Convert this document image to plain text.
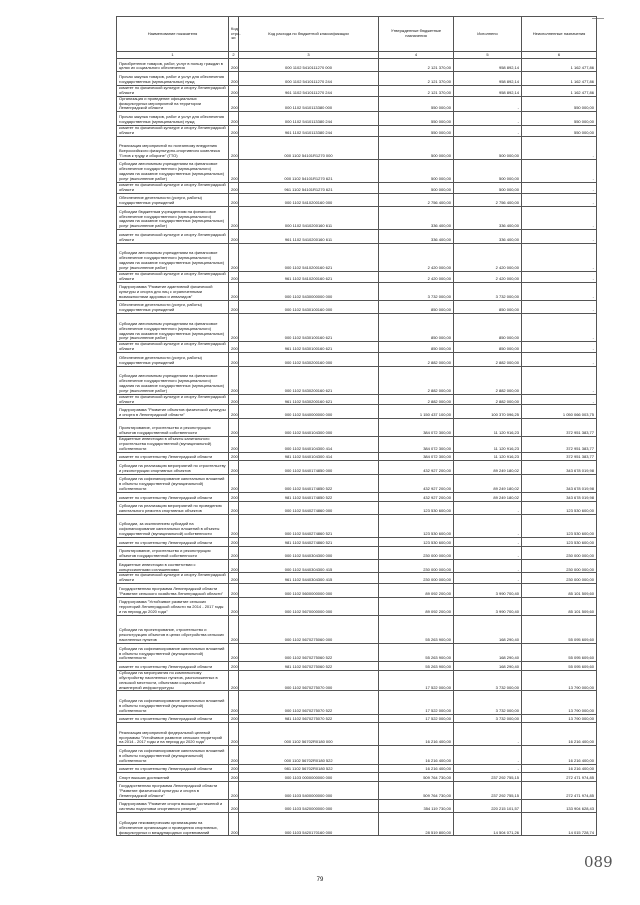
Наименование показателя	Код стро-ки	Код расхода по бюджетной классификации	Утвержденные бюджетные назначения	Исполнено	Неисполненные назначения
1	2	3	4	5	6
Приобретение товаров, работ, услуг в пользу граждан в целях их социального обеспечения	200	000 1102 5410111270 000	2 121 370,00	958 892,14	1 162 477,86
Прочая закупка товаров, работ и услуг для обеспечения государственных (муниципальных) нужд	200	000 1102 5410111270 244	2 121 370,00	958 892,14	1 162 477,86
комитет по физической культуре и спорту Ленинградской области	200	961 1102 5410111270 244	2 121 370,00	958 892,14	1 162 477,86
Организация и проведение официальных физкультурных мероприятий на территории Ленинградской области	200	000 1102 5410113380 000	550 000,00	-	550 000,00
Прочая закупка товаров, работ и услуг для обеспечения государственных (муниципальных) нужд	200	000 1102 5410113380 244	550 000,00	-	550 000,00
комитет по физической культуре и спорту Ленинградской области	200	961 1102 5410113380 244	550 000,00	-	550 000,00
Реализация мероприятий по поэтапному внедрению Всероссийского физкультурно-спортивного комплекса "Готов к труду и обороне" (ГТО)	200	000 1102 54101R1270 000	500 000,00	500 000,00	-
Субсидии автономным учреждениям на финансовое обеспечение государственного (муниципального) задания на оказание государственных (муниципальных) услуг (выполнение работ)	200	000 1102 54101R1270 621	500 000,00	500 000,00	-
комитет по физической культуре и спорту Ленинградской области	200	961 1102 54101R1270 621	500 000,00	500 000,00	-
Обеспечение деятельности (услуги, работы) государственных учреждений	200	000 1102 5410200160 000	2 756 400,00	2 756 400,00	-
Субсидии бюджетным учреждениям на финансовое обеспечение государственного (муниципального) задания на оказание государственных (муниципальных) услуг (выполнение работ)	200	000 1102 5410200160 611	336 400,00	336 400,00	-
комитет по физической культуре и спорту Ленинградской области	200	961 1102 5410200160 611	336 400,00	336 400,00	-
Субсидии автономным учреждениям на финансовое обеспечение государственного (муниципального) задания на оказание государственных (муниципальных) услуг (выполнение работ)	200	000 1102 5410200160 621	2 420 000,00	2 420 000,00	-
комитет по физической культуре и спорту Ленинградской области	200	961 1102 5410200160 621	2 420 000,00	2 420 000,00	-
Подпрограмма "Развитие адаптивной физической культуры и спорта для лиц с ограниченными возможностями здоровья и инвалидов"	200	000 1102 5430000000 000	3 732 000,00	3 732 000,00	-
Обеспечение деятельности (услуги, работы) государственных учреждений	200	000 1102 5430100160 000	850 000,00	850 000,00	-
Субсидии автономным учреждениям на финансовое обеспечение государственного (муниципального) задания на оказание государственных (муниципальных) услуг (выполнение работ)	200	000 1102 5430100160 621	850 000,00	850 000,00	-
комитет по физической культуре и спорту Ленинградской области	200	961 1102 5430100160 621	850 000,00	850 000,00	-
Обеспечение деятельности (услуги, работы) государственных учреждений	200	000 1102 5430200160 000	2 882 000,00	2 882 000,00	-
Субсидии автономным учреждениям на финансовое обеспечение государственного (муниципального) задания на оказание государственных (муниципальных) услуг (выполнение работ)	200	000 1102 5430200160 621	2 882 000,00	2 882 000,00	-
комитет по физической культуре и спорту Ленинградской области	200	961 1102 5430200160 621	2 882 000,00	2 882 000,00	-
Подпрограмма "Развитие объектов физической культуры и спорта в Ленинградской области"	200	000 1102 5440000000 000	1 150 437 100,00	100 370 096,25	1 050 066 003,75
Проектирование, строительство и реконструкция объектов государственной собственности	200	000 1102 5440104300 000	384 072 300,00	11 120 916,23	372 951 383,77
Бюджетные инвестиции в объекты капитального строительства государственной (муниципальной) собственности	200	000 1102 5440104300 414	384 072 300,00	11 120 916,23	372 951 383,77
комитет по строительству Ленинградской области	200	981 1102 5440104300 414	384 072 300,00	11 120 916,23	372 951 383,77
Субсидии на реализацию мероприятий по строительству и реконструкции спортивных объектов	200	000 1102 5440174850 000	432 927 200,00	89 249 180,02	343 678 019,98
Субсидии на софинансирование капитальных вложений в объекты государственной (муниципальной) собственности	200	000 1102 5440174850 522	432 927 200,00	89 249 180,02	343 678 019,98
комитет по строительству Ленинградской области	200	981 1102 5440174850 522	432 927 200,00	89 249 180,02	343 678 019,98
Субсидии на реализацию мероприятий по проведению капитального ремонта спортивных объектов	200	000 1102 5440274860 000	123 530 600,00	-	123 530 600,00
Субсидии, за исключением субсидий на софинансирование капитальных вложений в объекты государственной (муниципальной) собственности	200	000 1102 5440274860 521	123 530 600,00	-	123 530 600,00
комитет по строительству Ленинградской области	200	981 1102 5440274860 521	123 530 600,00	-	123 530 600,00
Проектирование, строительство и реконструкция объектов государственной собственности	200	000 1102 5440304300 000	230 000 000,00	-	230 000 000,00
Бюджетные инвестиции в соответствии с концессионными соглашениями	200	000 1102 5440304300 415	230 000 000,00	-	230 000 000,00
комитет по физической культуре и спорту Ленинградской области	200	961 1102 5440304300 415	230 000 000,00	-	230 000 000,00
Государственная программа Ленинградской области "Развитие сельского хозяйства Ленинградской области"	200	000 1102 5600000000 000	89 092 200,00	3 990 700,40	85 101 509,60
Подпрограмма "Устойчивое развитие сельских территорий Ленинградской области на 2014 - 2017 годы и на период до 2020 года"	200	000 1102 5670000000 000	89 092 200,00	3 990 700,40	85 101 509,60
Субсидии на проектирование, строительство и реконструкцию объектов в целях обустройства сельских населенных пунктов	200	000 1102 5670275060 000	55 263 900,00	168 290,40	55 095 609,60
Субсидии на софинансирование капитальных вложений в объекты государственной (муниципальной) собственности	200	000 1102 5670275060 522	55 263 900,00	168 290,40	55 095 609,60
комитет по строительству Ленинградской области	200	981 1102 5670275060 522	55 263 900,00	168 290,40	55 095 609,60
Субсидии на мероприятия по комплексному обустройству населенных пунктов, расположенных в сельской местности, объектами социальной и инженерной инфраструктуры	200	000 1102 5670275070 000	17 522 000,00	3 732 000,00	13 790 000,00
Субсидии на софинансирование капитальных вложений в объекты государственной (муниципальной) собственности	200	000 1102 5670275070 522	17 522 000,00	3 732 000,00	13 790 000,00
комитет по строительству Ленинградской области	200	981 1102 5670275070 522	17 522 000,00	3 732 000,00	13 790 000,00
Реализация мероприятий федеральной целевой программы "Устойчивое развитие сельских территорий на 2014 - 2017 годы и на период до 2020 года"	200	000 1102 56702R0180 000	16 216 400,00	-	16 216 400,00
Субсидии на софинансирование капитальных вложений в объекты государственной (муниципальной) собственности	200	000 1102 56702R0180 522	16 216 400,00	-	16 216 400,00
комитет по строительству Ленинградской области	200	981 1102 56702R0180 522	16 216 400,00	-	16 216 400,00
Спорт высших достижений	200	000 1103 0000000000 000	509 764 730,00	237 292 755,15	272 471 974,85
Государственная программа Ленинградской области "Развитие физической культуры и спорта в Ленинградской области"	200	000 1103 5400000000 000	509 764 730,00	237 292 755,15	272 471 974,85
Подпрограмма "Развитие спорта высших достижений и системы подготовки спортивного резерва"	200	000 1103 5420000000 000	354 119 730,00	220 215 101,57	133 904 628,43
Субсидии некоммерческим организациям на обеспечение организации и проведения спортивных, физкультурных и международных соревнований	200	000 1103 5420170160 000	28 519 800,00	14 504 071,26	14 015 728,74
79
089
